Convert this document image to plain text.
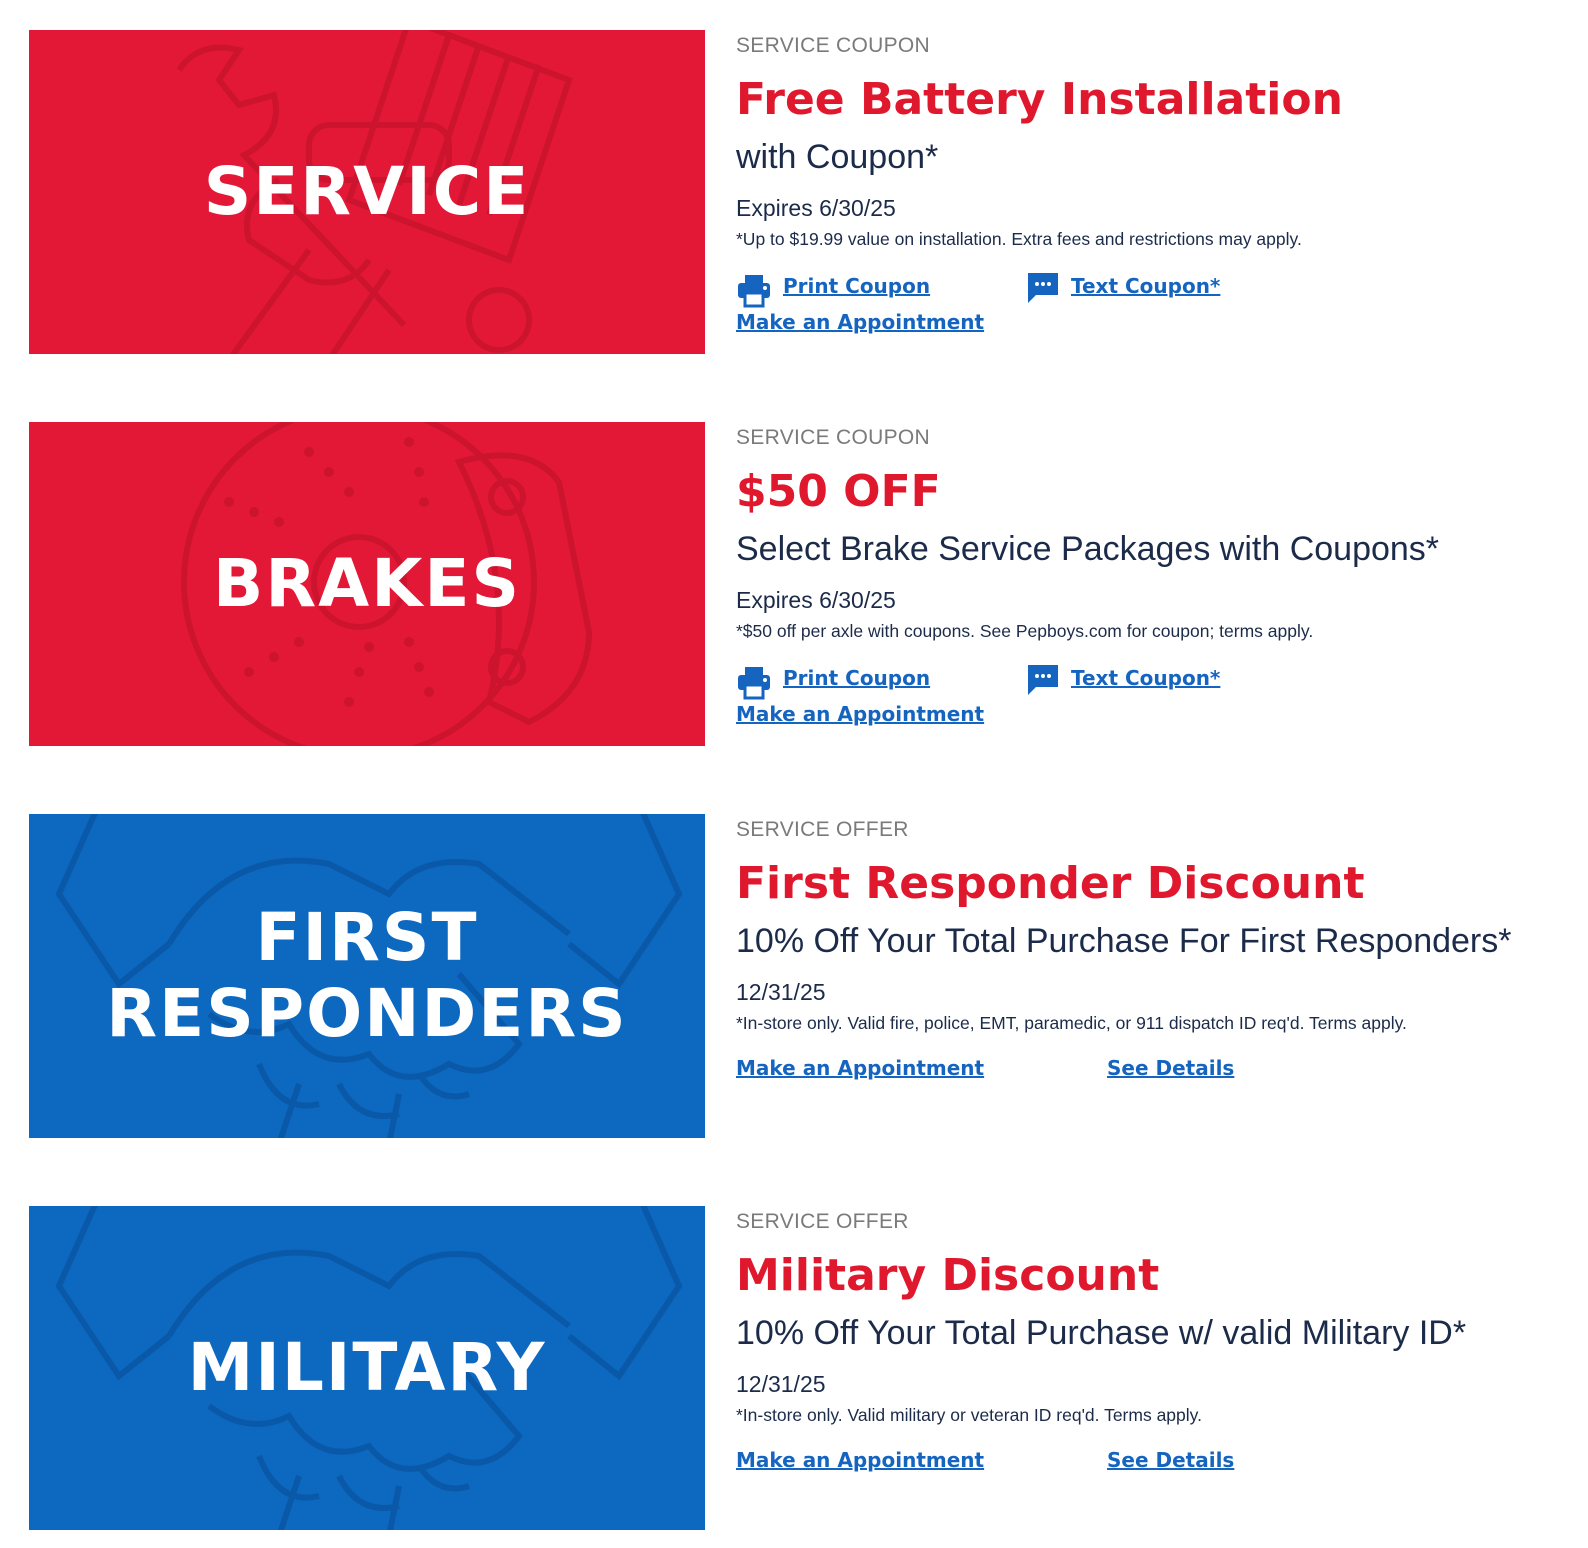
SERVICE
SERVICE COUPON
Free Battery Installation
with Coupon*
Expires 6/30/25
*Up to $19.99 value on installation. Extra fees and restrictions may apply.
Print Coupon	Text Coupon*
Make an Appointment
BRAKES
SERVICE COUPON
$50 OFF
Select Brake Service Packages with Coupons*
Expires 6/30/25
*$50 off per axle with coupons. See Pepboys.com for coupon; terms apply.
Print Coupon	Text Coupon*
Make an Appointment
FIRST
RESPONDERS
SERVICE OFFER
First Responder Discount
10% Off Your Total Purchase For First Responders*
12/31/25
*In-store only. Valid fire, police, EMT, paramedic, or 911 dispatch ID req'd. Terms apply.
Make an Appointment	See Details
MILITARY
SERVICE OFFER
Military Discount
10% Off Your Total Purchase w/ valid Military ID*
12/31/25
*In-store only. Valid military or veteran ID req'd. Terms apply.
Make an Appointment	See Details
